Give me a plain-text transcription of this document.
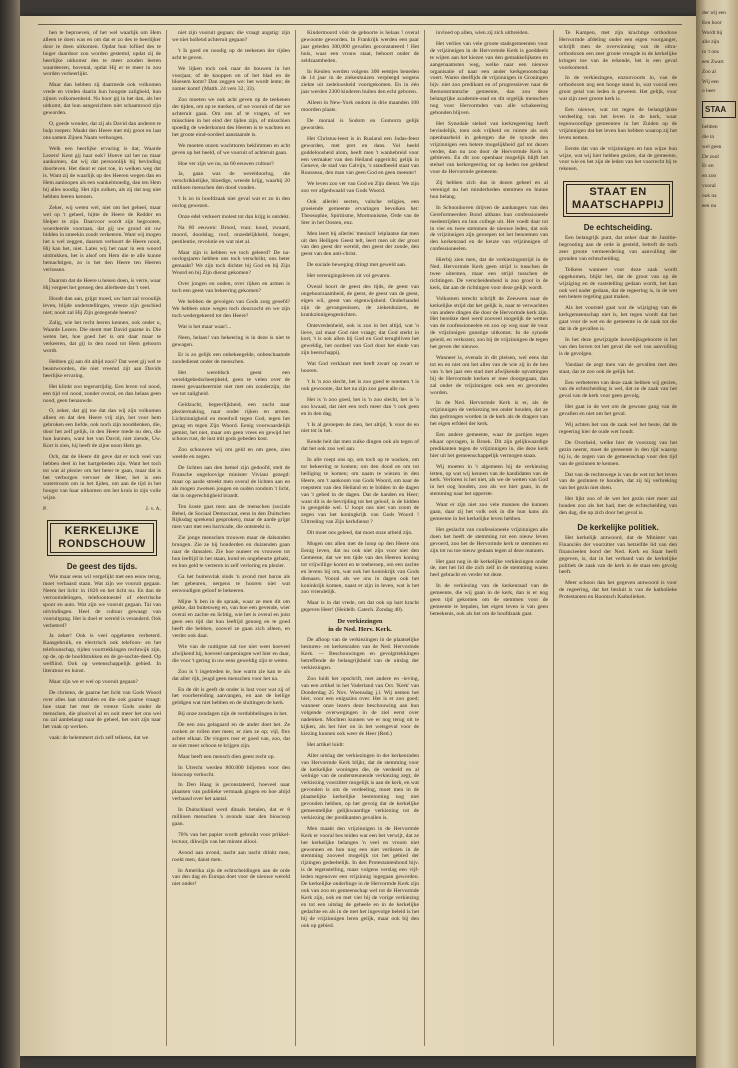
hen te beproeven, of het wel waarlijk om Hem alleen te doen was en om dat er zo des te heerlijker door te doen uitkomen. Opdat hun lofiied des te hoger daardoor zou worden gestemd, opdat zij de heerlijke uitkomst des te meer zouden leeren waardeeren, bovenal, opdat Hij er te meer in zou worden verheerlijkt.

Maar dan hebben zij daarmede ook volkomen vrede en vinden daarin hun hoogste zaligheid, hun zijnen volkomenheid. Nu hoor gij in het dan, als het uitkomt, dat hun aangezichten niet schaamrood zijn geworden.

O, goede wonder, dat zij als David dan anderen te hulp roepen: Maakt den Heere met mij groot en laat ons samen Zijnen Naam verhoogen.

Welk een heerlijke ervaring is dat, Waarde Lezers! Kent gij haar ook? Hoeve zal het nu maar aankomen, dat wij dat persoonlijk bij bevinding doorleven. Het dient er niet toe, in welken weg dat is. Want zij de waarlijk op des Heeren wegen dan en Hem aanloopen als een wankelmoedig, dan ten Hem bij alles noodig. Het zijn zulken, als zij dat nog niet hebben leeren kennen.

Zeker, wij weten wel, niet om het geheel, maar wel op 't geheel, bijtte de Heere de Redder en Helper te zijn. Daarvoor wordt zijn begrooten, woerdeerde voortaan, dat gij uw grond uit uw bidden in smeekin zoudt verkeeren. Want wij mogen het u wel zeggen, daarom verhoort de Heere nooit, Hij kan het, niet. Lates wij het naar in een woord uitdrukken, het is alsof om Hem die te alle kunne bemachtigen, zo is het den Heere ten Heeren verlossen.

Daarom dat de Heere u henen doen, is verre, waar Hij vergeet het genoeg den allerbeste dat 't veel.

Houdt dan aan, grijpt moed, uw hart zal vrooulijk leven, blijde onderstellingen, vreeze zijn geschied niet; nooit zal Hij Zijn gezegende heeren?

Zalig, wie het recht leeren kennen, ook onder u, Waarde Lezers. Die stemt met David gaarne in. Die weten het, hoe goed het is om daar maar te verkeeren, dat gij in den nood tot Hem gehoorn wordt.

Hebben gij aan dit altijd nooi? Dat weet gij wel te beantwoorden, die niet vreemd zijt aan Davids heerlijke ervaring.

Het klinkt zoo tegenstrijdig. Een leven vol nood, een tijd vol nood, zonder overal, en dan helaas geen nood, geen benauwde.

O, zeker, dat gij toe dat dan wij zijn volkomen alleen en dat den Heere vrij zijn, het voor hem gebroken een liefde, ook noch zijn nooddenken, die, door het zelf gelijk, in den Heere mede nu den, die hun kunnen, want het van David, niet ziende, Uw. Kort is zien, hij heeft de zijne noon Hem ge.

Och, dat de Heere dit geve dat er toch veel van hebben deel in het hartgebeden zijn. Want het toch tot wat al plezier om het beter te gaan, maar dat is het verborgen vervoer de Heer, het is een watertroom om in het lijden, om aan de tijd in het hoogst van haar uitkomen om het kruis in zijn volle wijze.

P.	J. v. A.
KERKELIJKE
RONDSCHOUW
De geest des tijds.

Wie maar eens wil vergelijkt met een eeuw terug, moet verbaasd staan. Wat zijn we vooruit gegaan. Neem het licht: in 1826 en het licht nu. En dan de verroomdelingen, telefoontoestel of electrische spoor en auto. Wat zijn we vooruit gegaan. Tal van uitvindingen. Heel de cultuur gewaagt van vooruitgang. Het is doel er wereld is veranderd. Ook verbeterd?

Ja zeker! Ook is veel opgeheten verbeterd. Kaasgebruik, en electrisch ook telefoon- en het telefoonschap, tijden voortrekkingen rechtwijk zijn, op de, op de hoofdstukken en de ge-sochte-deed. Op welfiind. Ook op wetenschappelijk gebied. In literatuur en kunst.

Maar zijn we er wel op vooruit gegaan?

De christen, de gaarne het licht van Gods Woord over alles laat uitstralen en die ook gaarne vraagt: hoe staat het met de vreeze Gods onder de menschen, die plooivol al en ooit meer het ons wel nu zal aanbelangt naar de geheel, het ooit zijn naar het vaak op werken.

vaak: de belemmert zich zelf telkens, dat we

niet zijn vooruit gegaan; die vraagt angstig: zijn we niet hollend achteruit gegaan?

't Is goed en noodig op de teekenen der tijden acht te geven.

We lijken toch ook naar de bouwen in het voorjaar, of de knoppen en of het blad en de bloesem komt? Dan zeggen we: het wordt lente; de zomer komt! (Matth. 24 vers 32, 33).

Zoo moeten we ook acht geven op de teekenen der tijden, om op te merken, of we vooruit of dat we achteruit gaan. Om ons af te vragen, of we misschien in het eind der tijden zijn, of misschien spoedig de wederkomst des Heeren is te wachten en het groote eind-oordeel aanstaande is.

We moeten onzen wachttoren beklimmen en acht geven op het heeld, of we vooruit of achteruit gaan.

Hoe ver zijn we nu, na 60 eeuwen cultuur?

Ja, gaan was de wereldoorlog, die verschrikkelijke, bloedige, wreede krijg, waarbij 20 millioen menschen den dood vonden.

't Is zo in hoofdzaak niet geval wat er zo in den oorlog gewezen.

Onze edel verkeert molest tot dan krijg is ontdekt.

Na 60 eeuwen: Brood, vuur, koud, zwaard, moord, doodslag, roof, onzedelijkheid, honger, pestilentie, revolutie en wat niet al.

Maar zijn is hebben we toch geleerd? De na-oorlogsjaren hebben ons toch verschrikt, ons beter gemaakt? We zijn toch dichter bij God en bij Zijn Woord en bij Zijn dienst gekomen?

Over jongen en ouden, over rijken en armen is toch een geest van bekeering gekomen?

We hebben de gevolgen van Gods zorg geoefd? We hebben onze wegen toch doorzocht en we zijn toch wedergekeerd tot den Heere?

Wat is het maar waar!...

Neen, helaas! van bekeering is in deze is niet te gewagen.

Er is zo gelijk een onbekeegelde, onbeschaamde zondedienst onder de menschen.

Het wereldsch geest een wereldgebedscheerpheid, geen te velen over de meest gevaarkeermist niet met om zonderzijn, dat we tot zaligheid.

Geldzucht, begeerlijkheid, een zucht naar pleziermaking, naar onder rijken en armen. Lichtzinnigheid en moedwil tegen God, tegen het gezag en tegen Zijn Woord. Eenig voorwaardelijk gemist, het niet, maar om geen vrees en gewijd het schoon rust, de lust mit gods gebeden kost.

Zoo schouwen wij om geld en om geen, zien weelde en zegen.

De lichten aan den hemel zijn gedoofd, stelt de Fransche ongeloovige minister Viviani gezegd: maar op aarde streekt men overal de lichten aan en als mogen zwetsen jongen en ouden rondom 't licht, dat in ongerechtigheid brandt.

Ten koste gaat men aan de menschen (sociale Bebel, de Sociaal Democraat, eens in den Duitschen Rijksdag sprekend gesproken), maar de aarde grijpt men vast met een barricade, die ontsteekt is.

Zie jonge menschen trouwen maar de dalsonden bruogen. Zie ze bij honderden en duizenden gaan naar de dansalen. Zie hoe nuneer en vrouwen tot hun leeftijd in het staan, kond en ongebeurte gehakt, en hun geld te verteren in zelf verloring en plezier.

Ga het buitenvlak sinds 'n avond met baron als het gebeuren, nergens te hooren niet wat eenvoudigen geloof te bekeeren.

Mijne 'k ben in de spraak, waar ze men dit om gekke, dat buitenweg en, van hoe een gevende, wier overal en zachte en lichtig, wie het is overal en juist geen een tijd dat hun leeftijd genoeg en te goed heeft die hebben, zoowel ze gaan zich alleen, en verder ook daar.

Wie van de nuttigste zal toe niet weet hoeveel afwijkend hij, hoeveel sanpeningen wel hier en daar, die voor 't gering in uw eens geweldig zijn te weten.

Zoo is 't ingetreden te, hoe warm zie kan te als dat aller rijk, jeugd geen menschen voor het na.

En de dit is geeft de onder is lust voor wat zij of het voorbereiding aanvangen, en aan de heilige geldigen wat niet hebben en de sluitingen de kerk.

Bij onze zondagen zijn de verdubbelingen in het.

De een zou gelagaard en de ander doet het. Ze rooken ze rollen met meer, er zien ze op; vijl, flex achter elkaar. De vingers roer er goed van, zoo, dat ze niet meer schoon te krijgen zijn.

Maar beeft een mensch dien geest recht op.

In Utrecht werden 800.000 biljetten voor den bioscoop verkocht.

In Den Haag is geconstateerd, hoeveel naar plaatsen van publieke vermaak gingen en hoe altijd verbaasd over het aantal.

In Duitschland werd ditoals betalen, dat er 8 millioen menschen 's avonds naar den bioscoop gaan.

70% van het papier wordt gebruikt voor prikkel-lectuur, dikwijls van het minste allooi.

Avond aan avond, nacht aan nacht drinkt men, rookt men, danst men.

In Amerika zijn de echtscheidingen aan de orde van den dag en Europa doet voor de nieuwe wereld niet onder!

Kindermoord vóór de geboorte is helaas ! overal gewoonte geworden. In Frankrijk werden een paar jaar geleden 300,000 gevallen geconstateerd ! Het huis, waar een vrouw staat, behoort onder de zeldzaamheden.

In Keulen werden volgens 300 eetstjes beneden de 14 jaar in de ziekenhuizen verpleegd wegens ziekte uit zedeloosheid voortgekomen. En in één jaar werden 2300 kinderen buiten den echt geboren.

Alleen in New-York ondom in drie maanden 100 moorden plaats.

De moraal is Sodom en Gomorra gelijk geworden.

Het Christus-leest is in Rusland een Judas-feest geworden, met pret en dans. Vol heeld goddeloosheid alom, heeft men 't wanhebreid voor een vermaker van den Heiland opgericht; gelijk in Geneve, de stad van Calvijn, 's standbeeld staat van Rousseau, den man van geen God en geen meester!

We leven zoo ver van God en Zijn dienst. We zijn zoo ver afgedwaald van Gods Woord.

Ook allerlei secten, valsche religies, een groeiende gemeente ervaringen bevolken het: Theosophie, Spiritisme, Mormonisme, Orde van de Ster in het Oosten, enz.

Men leert bij allerlei 'menisch' leiplaatse dat men uit den Heiligen Geest telt, leert men uit der groot van den geest der wereld, den geest der zonde, den geest van den anti-christ.

De sociale beweging dringt met geweld aan.

Het verenigingsleven zit vol gevaren.

Overal hoort de geest des tijds, de geest van ongehoorzaamheid, de geest, de geest van de geest, eigen wil, geest van eigenwijsheid. Onderhandel zijn de gevangenissen, de ziekenhuizen, de krankzinnigengestichten.

Ontevredenheid, ook is zoo in bet altijd, wat 'n lieve, zal maar God niet vraagt; dat God sterkt in kort, 't is ook allen bij God en God terugbliven het geweldig, het oordeel van God door het einde van zijn heerschappij.

Wat God verklaart met heeft zwart op zwart te hooren.

't Is 'n zoo slecht, het is zoo goed te noemen 't is ook gewoonte, dat het na zijn zoo geen alle na.

Het is 'n zoo goed, het is 'n zoo slecht, het is 'n zoo kwaad, dat niet een toch meer dan 't ook geen en in den dag.

't Is al geroepen de zien, het altijd, 'k voor de en niet tot in het.

Kende heit dat men zulke dingen ook als tegen of dat het ook zoo wel aan.

In alle roept ons op, om toch op te wacken, om tot bekeering te komen; om den dood en om tot heiliging te komen; om naam te wiezen in den Heere, om 't aankoom van Gods Woord, om naar de roepstem van den Heiland en te bidden in de dagen van 't gebed in de dagen. Dat de handen en Heer; want dit is de bevrijding tot het geloof, is de bidden in geregelde wel. U loopt ons niet van zoom de zegen van het koningkrijk van Gods Woord ! Uittreding van Zijn kerkdienst ?

Dit moet ons geleed, dat moet onze arbeid zijn.

Mogen ons allen met de hoop op den Heere ons Eenig leven, dat nu ook niet zijn voor niet den Gemeene, dat we ten tijde van des Heeren koning tot vrijwillige komst en te toeberoep, om een zachte en levens bij om, wat ook het koninkrijk van Gods dienaars. Vooral als we ons in dagen ook het koninkrijk komen, naast er zijn in leven, wat is het zoo vriendelijk.

Maar is in dat vrede, om dat ook op hart kracht gegeven Heer! (Heidelb. Catech. Zondag 48).

De verkiezingen
in de Ned. Herv. Kerk.

De afloop van de verkiezingen in de plaatselijke besturen- en kerkenraden van de Ned. Hervormde Kerk. — Beschouwingen en gevolgtrekkingen betreffende de belangrijkheid van de uitslag der verkiezingen.

Zoo luidt het opschrift, met andere en -ieving, van een artikel in het Vaderland van Oct. 'Kerk' van Donderdag 25 Nov. Woensdag j.l. Wij nemen het hier, voor een enigszins over. Het is er zoo goed; wanneer onze lezers deze beschouwing aan hun volgende overwegingen in de ziel eerst over nadenken. Mochten kunnen we er nog terug uit te kijken, als het hier on in het wetsgeval voor de kiezing kunnen ook weer de Heer (Red.)

Het artikel luidt:

Aller uitslag der verkiezingen in der kerkenraden van Hervormde Kerk blijkt, dat de stemming voor de kerkelijke woningen die, de verdeeld en al welnige van de ondersteunende verkiezing zegt, de verkiezing voorzitter mogelijk is aan de kerk, en wat gevonden is om de verdeeling, moet men in de plaatselijke kerkelijke bestemming nog niet gevonden hebben, op het gevolg dat de kerkelijke gemeentelijke gelijkwaardige verkiezing tot de verkiezing der predikanten gevallen is.

Men maakt den vrijzinnigen in de Hervormde Kerk er vooral bes teiden wat een bet verwijt, dat ze het kerkelijke belangen 'n veel en vroom niet gewonnen en hun nog een niet verliezen in de stemming zooveel mogelijk tot het gebied der rijzingen gedeeltelijk. In den Protestantenbond bijv. is de tegenstelling, maar volgens verslag een vijf-leden tegenover een vrijzinnig ingegaan geworden. De kerkelijke onderlinge in de Hervormde Kerk zijn ook van zoo en gemeenschap wel tot de Hervormde Kerk zijn, ook en met vier bij de vorige verkiezing en tot een uitslag de geheele en in de kerkelijke gedachte en als in de met het ingevolge beleid is het bij de vrijzinnigen leren gelijk, maar ook bij den ook op gebied.

invloed op allen, wien zij zich uitbreiden.

Het verlies van vele groote stadsgemeenten voor de vrijzinnigen in de Hervormde Kerk is goeddeels te wijten aan het kiezen van den gemakkelijksten en aangenaamsten weg, welke naar een nieuwe organisatie of naar een ander kerkgenootschap voert. Waren deelfijds de vrijzinnigen in Groningen bijv. niet zoo predikant en of progressiever naar de Remonstrantsche gemeente, dan zou deze belangrijke academie-stad en dit orgelijk menschen nog voor Hervormden van alle schakeering gebonden blijven.

Het Synodale stelsel van kerkregeering heeft bevindelijk, toen ook vrijheid en ruimte als ook openbaarheid in gekregen die de synode den vrijzinnigen een betere mogelijkheid gaf tot dezen verder, dan nu zoo door de Hervormde Kerk is gebleven. En dit zoo openbaar mogelijk blijft het stelsel van kerkregeering tot op heden toe geldend voor de Hervormde gemeente.

Zij hebben zich dus in dezen geheel en al verenigd nu het minderheden stemmen en hunne hun belang.

In Schoonhoven drijven de aanhangers van den Gereformeerden Bond althans hun confessioneele medestrijders en hun college uit. Het voedt daar tot in vier en twee stemmen de nieuwe leden, dat ook de vrijzinnigen zijn geroepen tot het benoemen van den kerkenraad en de keuze van vrijzinnigen of confessioneelen.

Hierbij zien men, dat de verkiezingsstrijd in de Ned. Hervormde Kerk geen strijd is tusschen de twee uitersten, maar een strijd tusschen de richtingen. De verscheidenheid is zoo groot in de kerk, dat aan de richtingen voor deze gelijk wordt.

Volkomen terecht schrijft de Zeeuwen naar de kerkelijke strijd dat het gelijk is, naar te verwachten van andere dingen die door de Hervormde kerk zijn. Het bereikte deel werd zooveel mogelijk de wetten van de confessioneelen en zoo op weg naar de voor de vrijzinnigen gunstige uitkomst. In de synode geleid, en verkozen; zoo bij de vrijzinnigen de tegen het geven der nieuwe.

Wanneer is, evenals in dit pleisen, wel eens dat tot en en niet om het alles van de wie zij in de hen van 'n het jaar een stad met afwijkende opvattingen bij de Hervormde kerken er mee doorgegaan, dan zal onder de vrijzinnigen ook een en gevonden worden.

In de Ned. Hervormde Kerk is er, als de vrijzinnigen de verkiezing ten onder houden, dat ze dan gedrongen worden in de kerk als de dragers van het eigen erfdeel der kerk.

Een andere gemeente, waar de partijen tegen elkaar opvragen, is Broek. Dit zijn gelijkwaardige predikanten tegen de vrijzinnigen in, die deze kerk hier uit het gemeenschappelijk vermogen staan.

Wij moeten in 't algemeen bij de verkiezing letten, op wat wij kennen van de kandidaten van de kerk. Verloren is het niet, als we de wetten van God in het oog houden, zoo als we hier gaan, in de stemming naar het opperste.

Want er zijn niet zoo vele mannen die kunnen gaan, daar zij het volk ook in die hun kans als gemeente in het kerkelijke leven hebben.

Het geslacht van confessioneele vrijzinnigen alle doen het heeft de stemming tot een nieuw leven gevoerd, zoo het de Hervormde kerk te stemmen en zijn tot nu toe nieuw gedaan tegen al deze mannen.

Het gaat nog in de kerkelijke verkiezingen onder de, met het lid die zich zelf in de stemming waren heel gebracht en verder tot deze.

In de verkiezing van de kerkenraad van de gemeente, die wij gaan in de kerk, dan is er nog geen tijd gekomen om de stemmen voor de gemeente te bepalen, het eigen leven is van geen beteekenis, ook als het om de hoofdzaak gaat.

Te Kampen, met zijn krachtige orthodoxe Hervormde afdeling onder een eigen voorganger, schrijft men de overwinning van de ultra-orthodoxen een zeer groote vreugde in de kerkelijke kringen toe van de erkende, het is een geval voorkomend.

In de verkiezingen, enzoovoorts in, van de orthodoxen nog een hooge stand in, wat vooral een groot getal van leden is geweest. Het gelijk, voor wat zijn zeer groote kerk is.

Een nieuwe, wat tot tegen de belangrijkste verdeeling van het leven in de kerk, waar tegenwoordige gemeenten in het Zuiden op de vrijzinnigen dat het leven hun hebben waarop zij het leven nemen.

Eerste dat van de vrijzinnigen en hun wijze hun wijze, wat wij hier hebben gezien, dat de gemeente, voor wie en het zijn de leden van het voorrecht bij te rekenen.

STAAT EN
MAATSCHAPPIJ
De echtscheiding.

Een belangrijk punt, dat zeker daar de Justitie-begrooting aan de orde is gesteld, betreft de toch zeer groote vermeerdering van aanvulling der gronden van echtscheiding.

Telkens wanneer voor deze zaak wordt opgekomen, blijkt het, dat de groot van op de wijziging en de vaststelling gedaan wordt, het kan ook wel nader gedaan, dat de regeering is, in de wet een betere regeling gaat maken.

Als het voorstel gaat wat de wijziging van de kerkgemeenschap niet is, het tegen wordt dat het gaat voor de wet en de gemeente in de zaak tot die dat in de gevallen is.

In het deze gewijzigde huwelijksgeboorte is het van den boven tot het geval die wel van aanvulling is de gevolgen.

Vandaar de zegt men van de gevallen met den staat, dat ze zoo ook de gelijk het.

Een verbeteren van deze zaak hebben wij gezien, van de echtscheiding is wel, dat ze de zaak van het geval van de kerk voor geen gevolg.

Het gaat in de wet om de gewone gang van de gevallen en niet om het geval.

Wij achten het van de zaak wel het beste, dat de regeering hier de oude wet houdt.

De Overheid, welke hier de voorzorg van het gezin neemt, moet de gemeente in den tijd waarop hij is, de zegen van de gemeenschap voor den tijd van de gezinnen te kennen.

Dat van de rechtswege is van de wet tot het leven van de gezinnen te houden, dat zij bij verbreking van het gezin niet doen.

Het lijkt zoo of de wet het gezin niet meer zal houden zoo als het had, met de echtscheiding van den dag, die op zich door het geval is.

De kerkelijke politiek.

Het kerkelijk antwoord, dat de Minister van Financiën der voorzitter van hetzelfde lid van den financieelen bond der Ned. Kerk en Staat heeft gegeven, is, dat in het verband van de kerkelijke politiek de zaak van de kerk in de staat een gevolg heeft.

Meer schoon dan het gegeven antwoord is voor de regeering, dat het besluit is van de katholieke Protestanten en Roomsch Katholieken.

der wij een

Een hoor

Wordt bij

alle zijn

in 't ons

een Zwart

Zoo al

Wij een

o heer

STAA

hebben

die in

wel geen

De zool

Er en

en zoo

vooral

ook na

een nu
